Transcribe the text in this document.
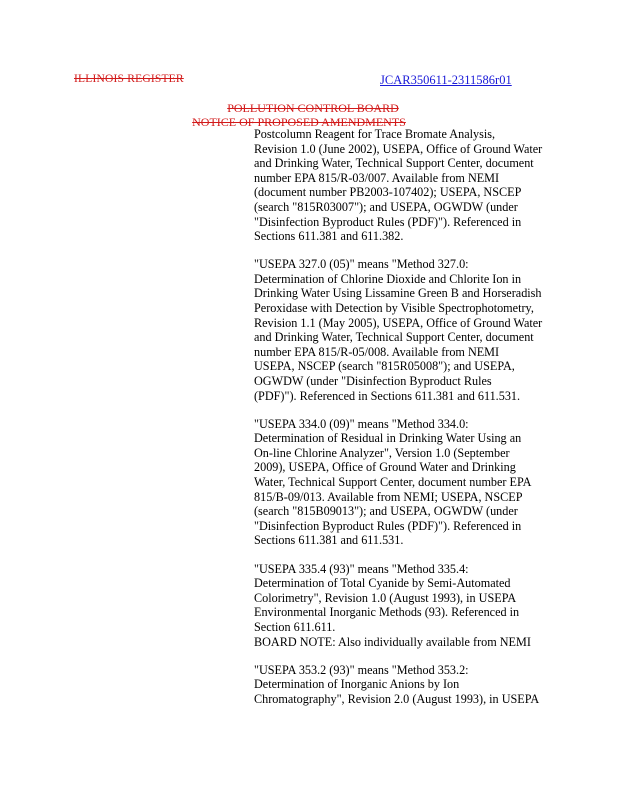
ILLINOIS REGISTER	JCAR350611-2311586r01
POLLUTION CONTROL BOARD
NOTICE OF PROPOSED AMENDMENTS

Postcolumn Reagent for Trace Bromate Analysis,
Revision 1.0 (June 2002), USEPA, Office of Ground Water
and Drinking Water, Technical Support Center, document
number EPA 815/R-03/007. Available from NEMI
(document number PB2003-107402); USEPA, NSCEP
(search "815R03007"); and USEPA, OGWDW (under
"Disinfection Byproduct Rules (PDF)"). Referenced in
Sections 611.381 and 611.382.

"USEPA 327.0 (05)" means "Method 327.0:
Determination of Chlorine Dioxide and Chlorite Ion in
Drinking Water Using Lissamine Green B and Horseradish
Peroxidase with Detection by Visible Spectrophotometry,
Revision 1.1 (May 2005), USEPA, Office of Ground Water
and Drinking Water, Technical Support Center, document
number EPA 815/R-05/008. Available from NEMI
USEPA, NSCEP (search "815R05008"); and USEPA,
OGWDW (under "Disinfection Byproduct Rules
(PDF)"). Referenced in Sections 611.381 and 611.531.

"USEPA 334.0 (09)" means "Method 334.0:
Determination of Residual in Drinking Water Using an
On-line Chlorine Analyzer", Version 1.0 (September
2009), USEPA, Office of Ground Water and Drinking
Water, Technical Support Center, document number EPA
815/B-09/013. Available from NEMI; USEPA, NSCEP
(search "815B09013"); and USEPA, OGWDW (under
"Disinfection Byproduct Rules (PDF)"). Referenced in
Sections 611.381 and 611.531.

"USEPA 335.4 (93)" means "Method 335.4:
Determination of Total Cyanide by Semi-Automated
Colorimetry", Revision 1.0 (August 1993), in USEPA
Environmental Inorganic Methods (93). Referenced in
Section 611.611.
BOARD NOTE: Also individually available from NEMI

"USEPA 353.2 (93)" means "Method 353.2:
Determination of Inorganic Anions by Ion
Chromatography", Revision 2.0 (August 1993), in USEPA
